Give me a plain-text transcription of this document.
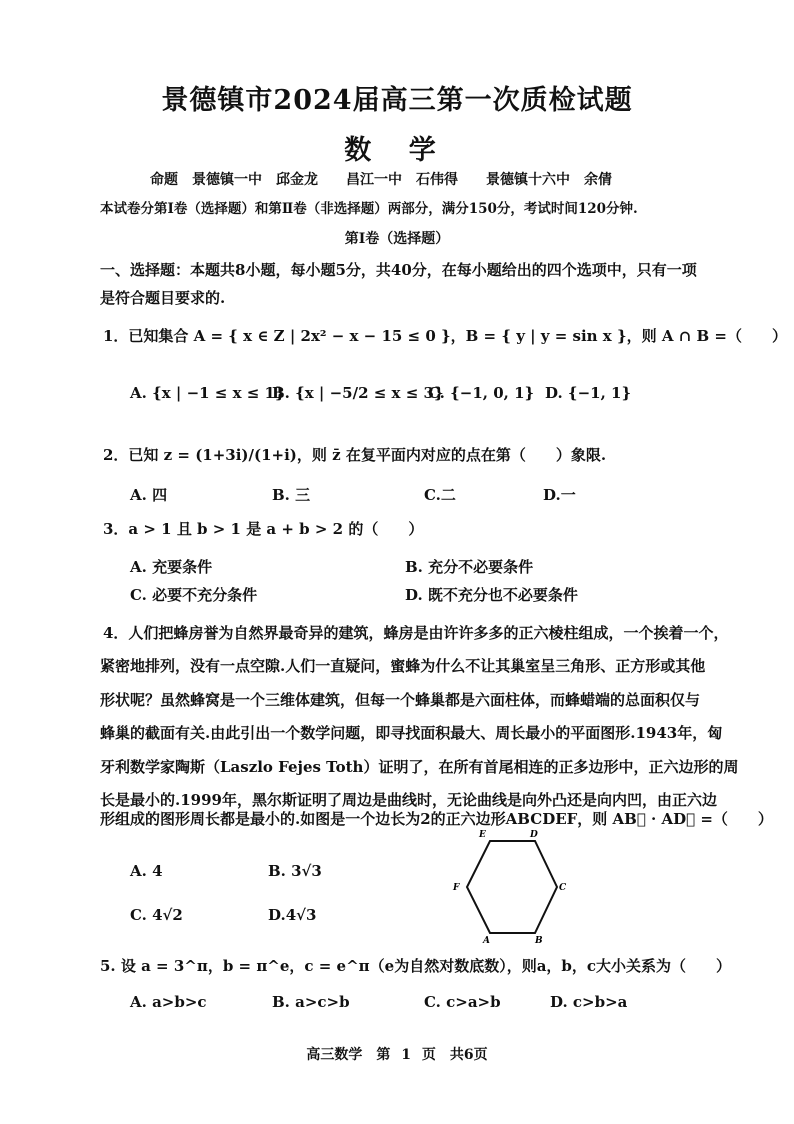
景德镇市2024届高三第一次质检试题
数 学
命题　景德镇一中　邱金龙　　昌江一中　石伟得　　景德镇十六中　余倩
本试卷分第Ⅰ卷（选择题）和第Ⅱ卷（非选择题）两部分，满分150分，考试时间120分钟.
第Ⅰ卷（选择题）
一、选择题：本题共8小题，每小题5分，共40分，在每小题给出的四个选项中，只有一项
是符合题目要求的.
1．已知集合 A = { x ∈ Z | 2x² − x − 15 ≤ 0 }，B = { y | y = sin x }，则 A ∩ B =（　　）
A. {x | −1 ≤ x ≤ 1}
B. {x | −5/2 ≤ x ≤ 3}
C. {−1, 0, 1} D. {−1, 1}
2．已知 z = (1+3i)/(1+i)，则 z̄ 在复平面内对应的点在第（　　）象限.
A. 四	B. 三	C.二	D.一
3．a > 1 且 b > 1 是 a + b > 2 的（　　）
A. 充要条件	B. 充分不必要条件
C. 必要不充分条件	D. 既不充分也不必要条件
4．人们把蜂房誉为自然界最奇异的建筑，蜂房是由许许多多的正六棱柱组成，一个挨着一个，
紧密地排列，没有一点空隙.人们一直疑问，蜜蜂为什么不让其巢室呈三角形、正方形或其他
形状呢？虽然蜂窝是一个三维体建筑，但每一个蜂巢都是六面柱体，而蜂蜡端的总面积仅与
蜂巢的截面有关.由此引出一个数学问题，即寻找面积最大、周长最小的平面图形.1943年，匈
牙利数学家陶斯（Laszlo Fejes Toth）证明了，在所有首尾相连的正多边形中，正六边形的周
长是最小的.1999年，黑尔斯证明了周边是曲线时，无论曲线是向外凸还是向内凹，由正六边
形组成的图形周长都是最小的.如图是一个边长为2的正六边形ABCDEF，则 AB⃗ · AD⃗ =（　　）
A. 4	B. 3√3
C. 4√2	D.4√3
A	B
C
D
E
F
5. 设 a = 3^π，b = π^e，c = e^π（e为自然对数底数），则a，b，c大小关系为（　　）
A. a>b>c	B. a>c>b	C. c>a>b	D. c>b>a
高三数学　第 1 页　共6页
